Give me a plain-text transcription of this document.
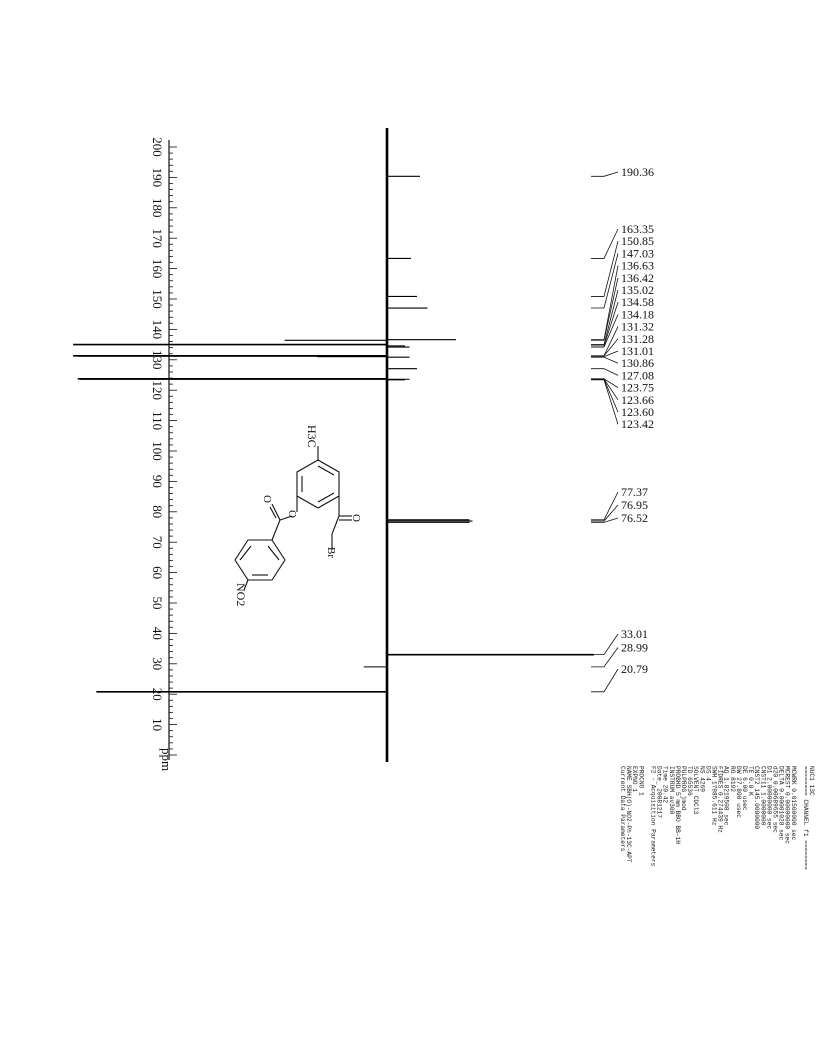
200
190
180
170
160
150
140
130
120
110
100
90
80
70
60
50
40
30
20
10
ppm
190.36
163.35
150.85
147.03
136.63
136.42
135.02
134.58
134.18
131.32
131.28
131.01
130.86
127.08
123.75
123.66
123.60
123.42
77.37
76.95
76.52
33.01
28.99
20.79
H3C
O
Br
O
O
NO2
Current Data Parameters NAME SBH(O)-NO2-Ph-13C-APT EXPNO 1 PROCNO 1 F2 - Acquisition Parameters Date_ 20081217 Time 20.42 INSTRUM av300 PROBHD 5 mm BBO BB-1H PULPROG jmod TD 65536 SOLVENT CDCl3 NS 4269 DS 4 SWH 17985.611 Hz FIDRES 0.274439 Hz AQ 1.8219508 sec RG 8192 DW 27.800 usec DE 6.00 usec TE 0.0 K CNST2 145.0000000 CNST11 1.0000000 D1 2.00000000 sec d20 0.00689655 sec DELTA 0.00001028 sec MCREST 0.00000000 sec MCWRK 0.01500000 sec ======== CHANNEL f1 ======== NUC1 13C
